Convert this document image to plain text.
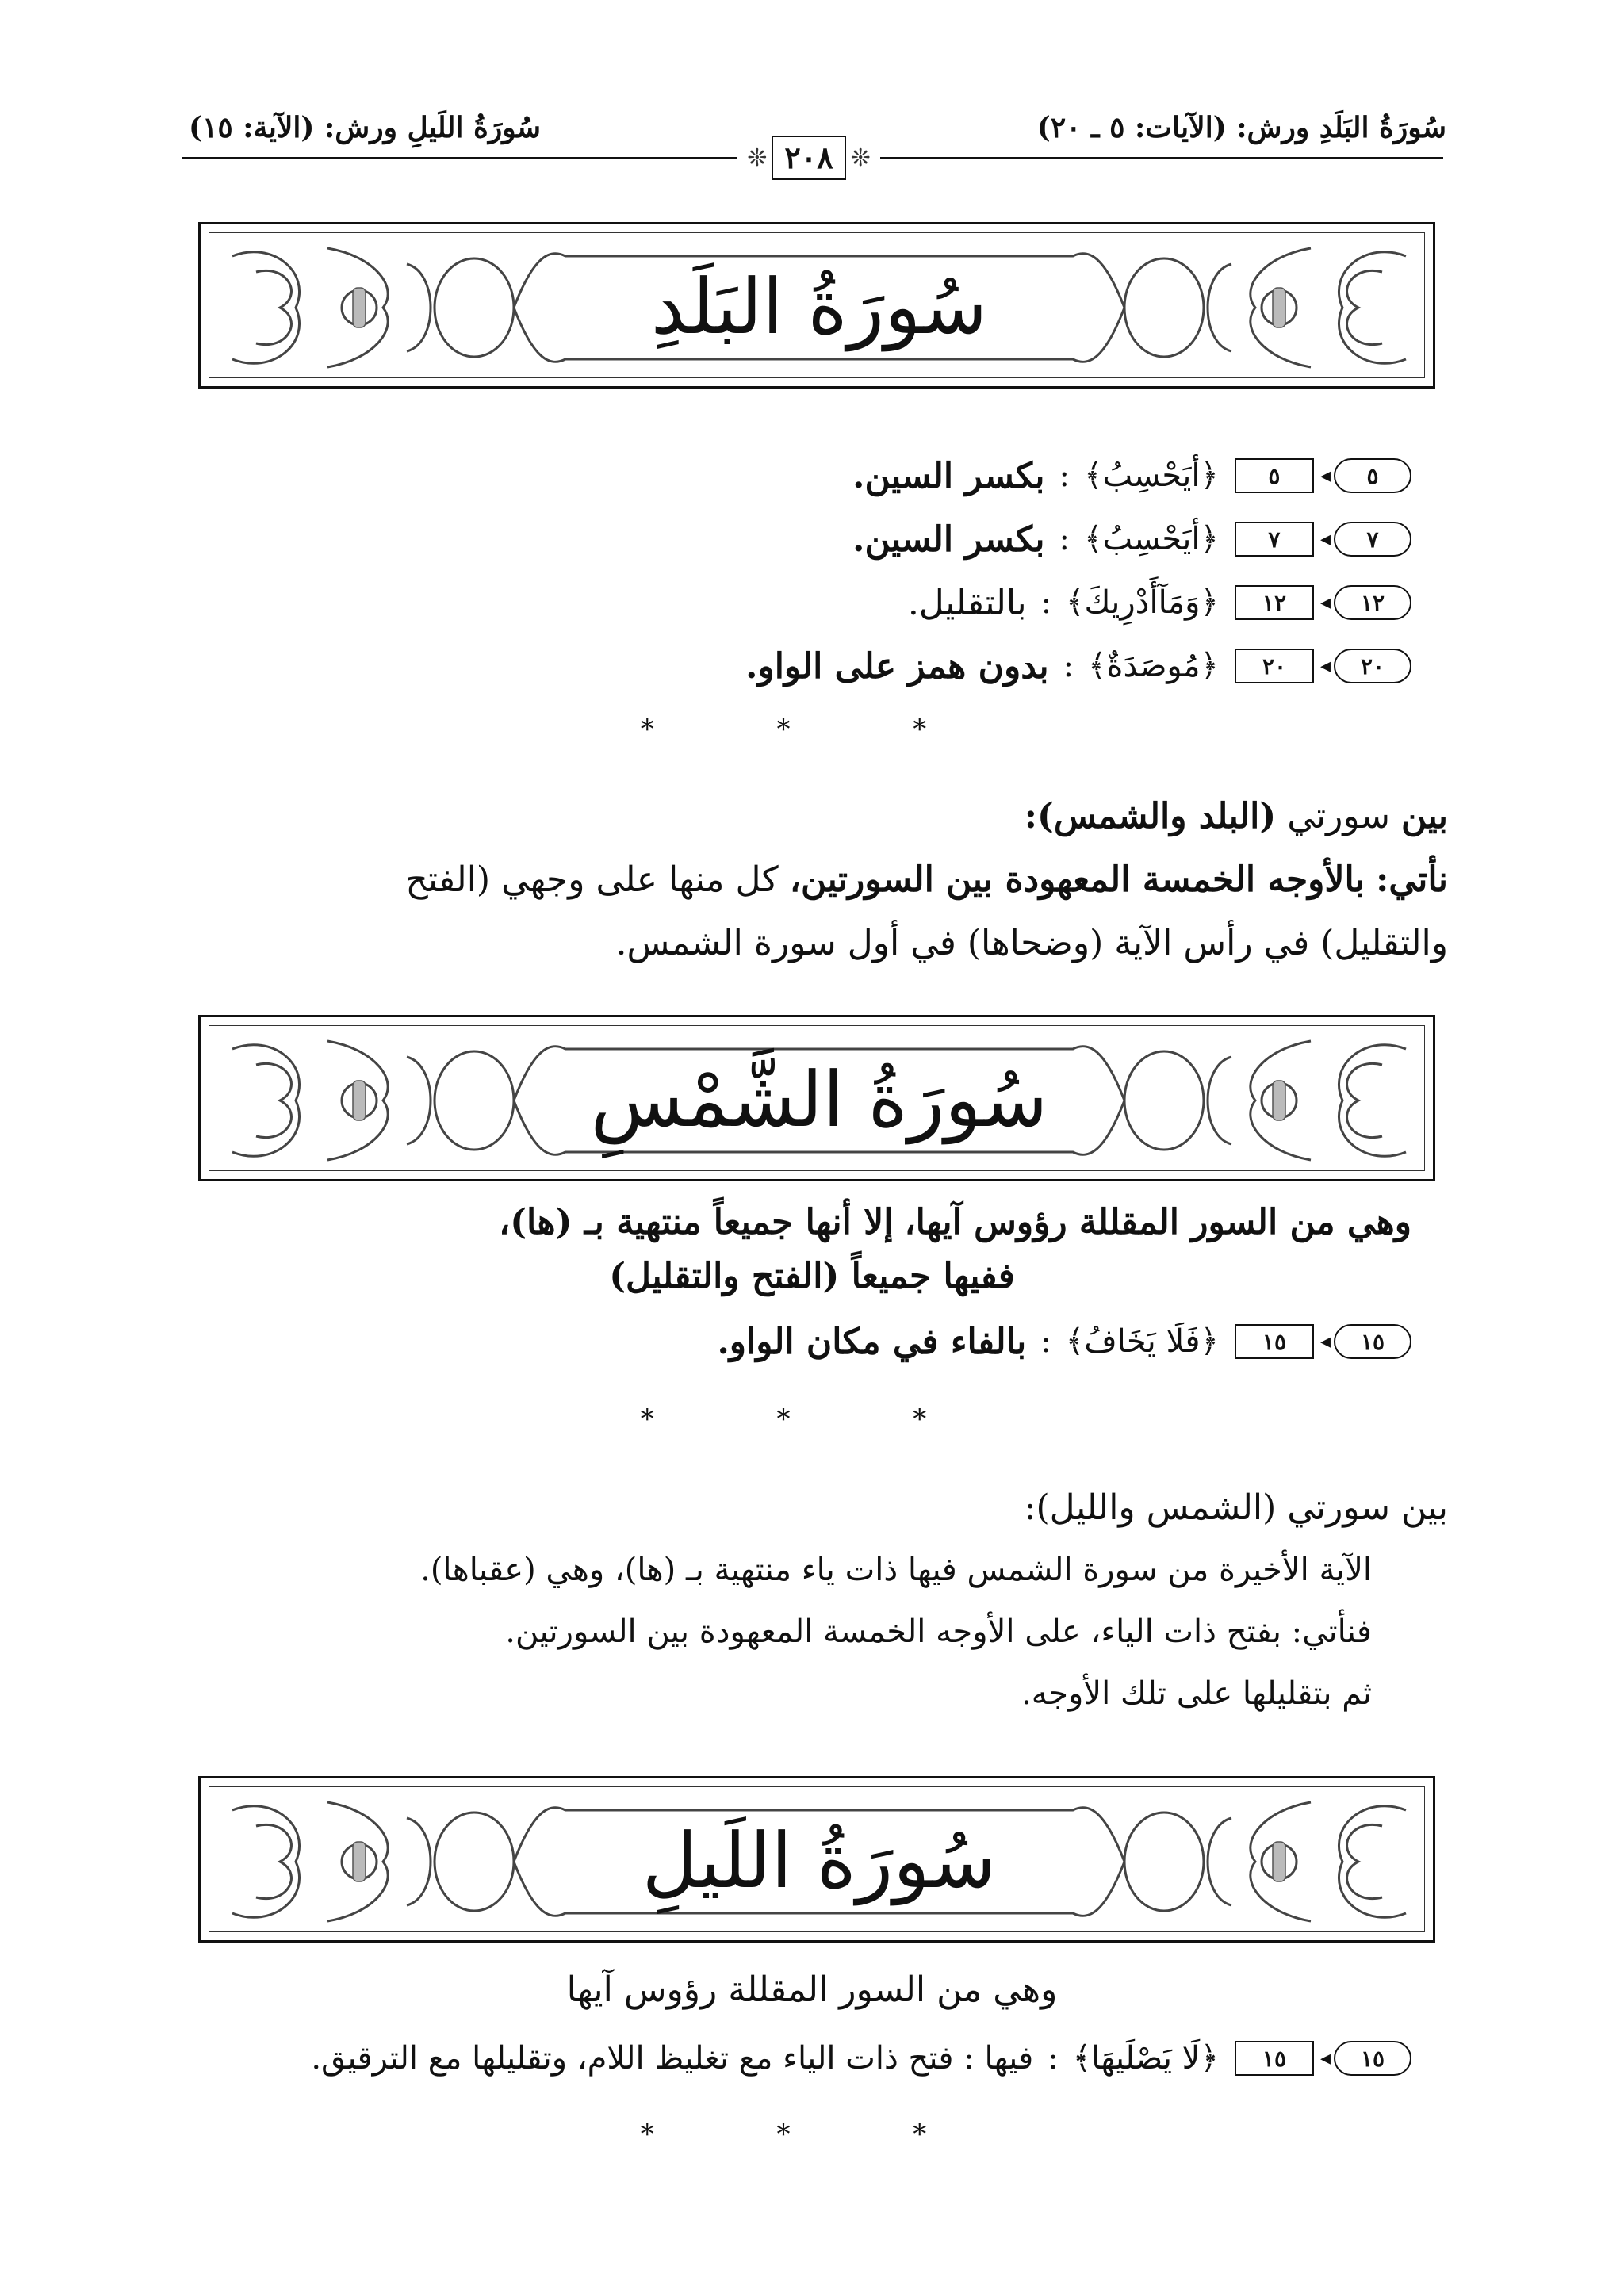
سُورَةُ البَلَدِ ورش: (الآيات: ٥ ـ ٢٠)
سُورَةُ اللَيلِ ورش: (الآية: ١٥)
❊ ٢٠٨ ❊
سُورَةُ البَلَدِ
٥
◂
٥
﴿أيَحْسِبُ﴾
:
بكسر السين.
٧
◂
٧
﴿أيَحْسِبُ﴾
:
بكسر السين.
١٢
◂
١٢
﴿وَمَآأَدْرِيكَ﴾
:
بالتقليل.
٢٠
◂
٢٠
﴿مُوصَدَةٌ﴾
:
بدون همز على الواو.
* * *
بين سورتي (البلد والشمس):
نأتي: بالأوجه الخمسة المعهودة بين السورتين، كل منها على وجهي (الفتح
والتقليل) في رأس الآية (وضحاها) في أول سورة الشمس.
سُورَةُ الشَّمْسِ
وهي من السور المقللة رؤوس آيها، إلا أنها جميعاً منتهية بـ (ها)،
ففيها جميعاً (الفتح والتقليل)
١٥
◂
١٥
﴿فَلَا يَخَافُ﴾
:
بالفاء في مكان الواو.
* * *
بين سورتي (الشمس والليل):
الآية الأخيرة من سورة الشمس فيها ذات ياء منتهية بـ (ها)، وهي (عقباها).
فنأتي: بفتح ذات الياء، على الأوجه الخمسة المعهودة بين السورتين.
ثم بتقليلها على تلك الأوجه.
سُورَةُ اللَيلِ
وهي من السور المقللة رؤوس آيها
١٥
◂
١٥
﴿لَا يَصْلَيهَا﴾
:
فيها : فتح ذات الياء مع تغليظ اللام، وتقليلها مع الترقيق.
* * *
